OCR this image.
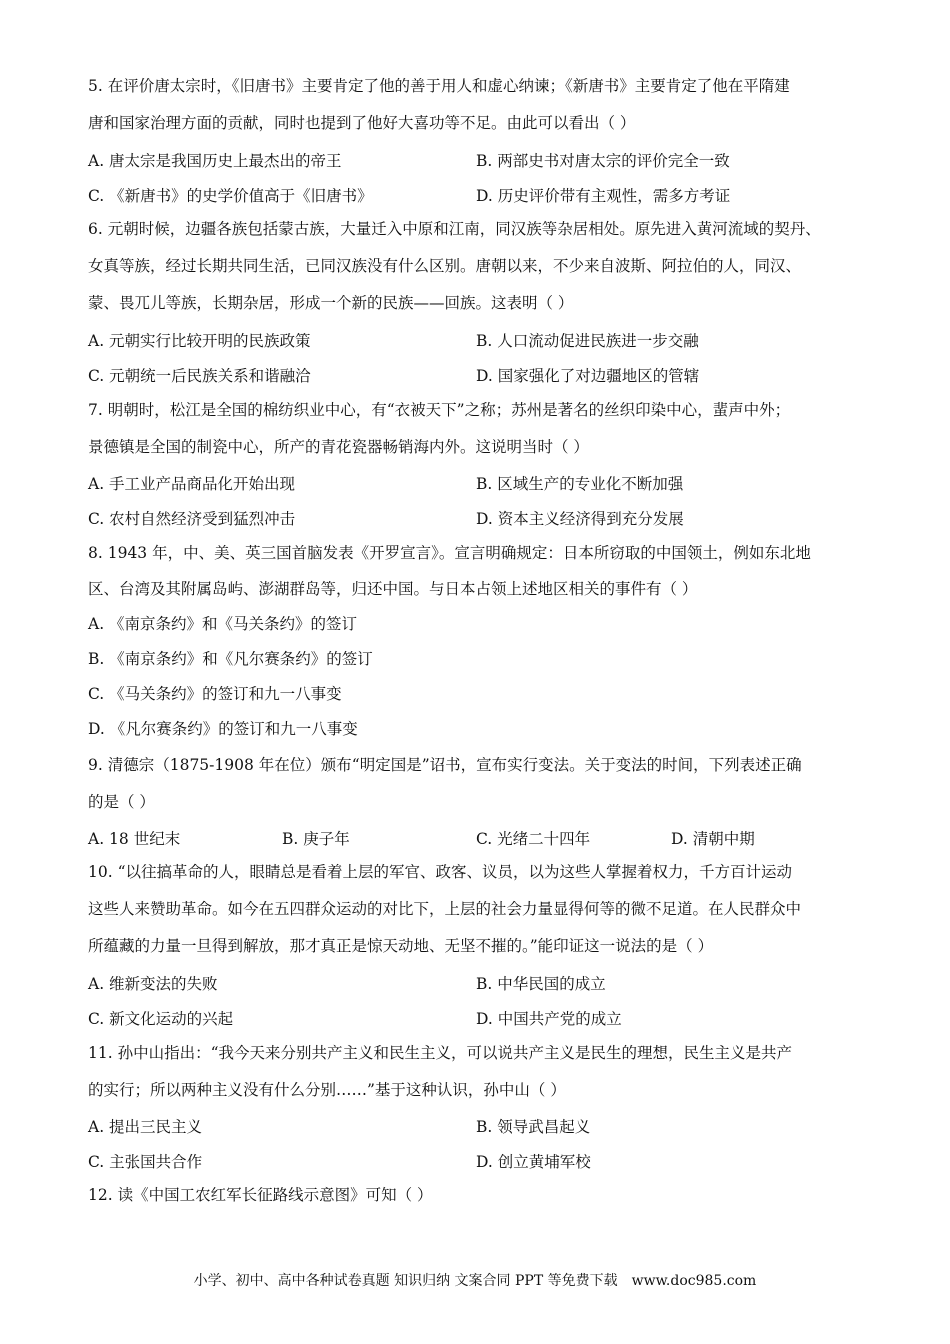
5. 在评价唐太宗时，《旧唐书》主要肯定了他的善于用人和虚心纳谏；《新唐书》主要肯定了他在平隋建
唐和国家治理方面的贡献，同时也提到了他好大喜功等不足。由此可以看出（ ）
A. 唐太宗是我国历史上最杰出的帝王	B. 两部史书对唐太宗的评价完全一致
C. 《新唐书》的史学价值高于《旧唐书》	D. 历史评价带有主观性，需多方考证
6. 元朝时候，边疆各族包括蒙古族，大量迁入中原和江南，同汉族等杂居相处。原先进入黄河流域的契丹、
女真等族，经过长期共同生活，已同汉族没有什么区别。唐朝以来，不少来自波斯、阿拉伯的人，同汉、
蒙、畏兀儿等族，长期杂居，形成一个新的民族——回族。这表明（ ）
A. 元朝实行比较开明的民族政策	B. 人口流动促进民族进一步交融
C. 元朝统一后民族关系和谐融洽	D. 国家强化了对边疆地区的管辖
7. 明朝时，松江是全国的棉纺织业中心，有“衣被天下”之称；苏州是著名的丝织印染中心，蜚声中外；
景德镇是全国的制瓷中心，所产的青花瓷器畅销海内外。这说明当时（ ）
A. 手工业产品商品化开始出现	B. 区域生产的专业化不断加强
C. 农村自然经济受到猛烈冲击	D. 资本主义经济得到充分发展
8. 1943 年，中、美、英三国首脑发表《开罗宣言》。宣言明确规定：日本所窃取的中国领土，例如东北地
区、台湾及其附属岛屿、澎湖群岛等，归还中国。与日本占领上述地区相关的事件有（ ）
A. 《南京条约》和《马关条约》的签订
B. 《南京条约》和《凡尔赛条约》的签订
C. 《马关条约》的签订和九一八事变
D. 《凡尔赛条约》的签订和九一八事变
9. 清德宗（1875-1908 年在位）颁布“明定国是”诏书，宣布实行变法。关于变法的时间，下列表述正确
的是（ ）
A. 18 世纪末	B. 庚子年	C. 光绪二十四年	D. 清朝中期
10. “以往搞革命的人，眼睛总是看着上层的军官、政客、议员，以为这些人掌握着权力，千方百计运动
这些人来赞助革命。如今在五四群众运动的对比下，上层的社会力量显得何等的微不足道。在人民群众中
所蕴藏的力量一旦得到解放，那才真正是惊天动地、无坚不摧的。”能印证这一说法的是（ ）
A. 维新变法的失败	B. 中华民国的成立
C. 新文化运动的兴起	D. 中国共产党的成立
11. 孙中山指出：“我今天来分别共产主义和民生主义，可以说共产主义是民生的理想，民生主义是共产
的实行；所以两种主义没有什么分别……”基于这种认识，孙中山（ ）
A. 提出三民主义	B. 领导武昌起义
C. 主张国共合作	D. 创立黄埔军校
12. 读《中国工农红军长征路线示意图》可知（ ）
小学、初中、高中各种试卷真题 知识归纳 文案合同 PPT 等免费下载 www.doc985.com
